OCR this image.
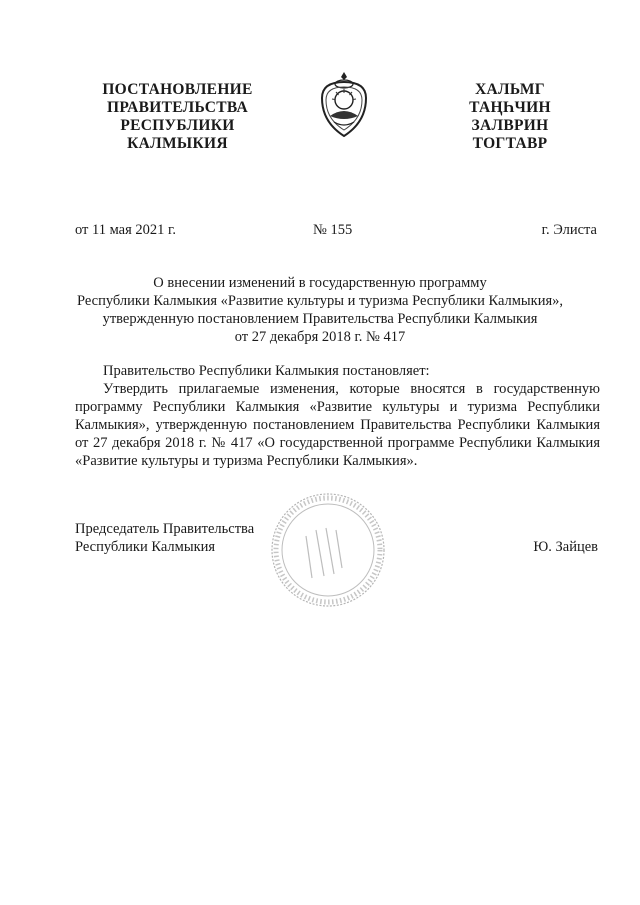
ПОСТАНОВЛЕНИЕ
ПРАВИТЕЛЬСТВА
РЕСПУБЛИКИ
КАЛМЫКИЯ
ХАЛЬМГ
ТАҢҺЧИН
ЗАЛВРИН
ТОГТАВР
от 11 мая 2021 г.	№ 155	г. Элиста
О внесении изменений в государственную программу
Республики Калмыкия «Развитие культуры и туризма Республики Калмыкия»,
утвержденную постановлением Правительства Республики Калмыкия
от 27 декабря 2018 г. № 417
Правительство Республики Калмыкия постановляет:

Утвердить прилагаемые изменения, которые вносятся в государственную программу Республики Калмыкия «Развитие культуры и туризма Республики Калмыкия», утвержденную постановлением Правительства Республики Калмыкия от 27 декабря 2018 г. № 417 «О государственной программе Республики Калмыкия «Развитие культуры и туризма Республики Калмыкия».

Председатель Правительства
Республики Калмыкия	Ю. Зайцев
